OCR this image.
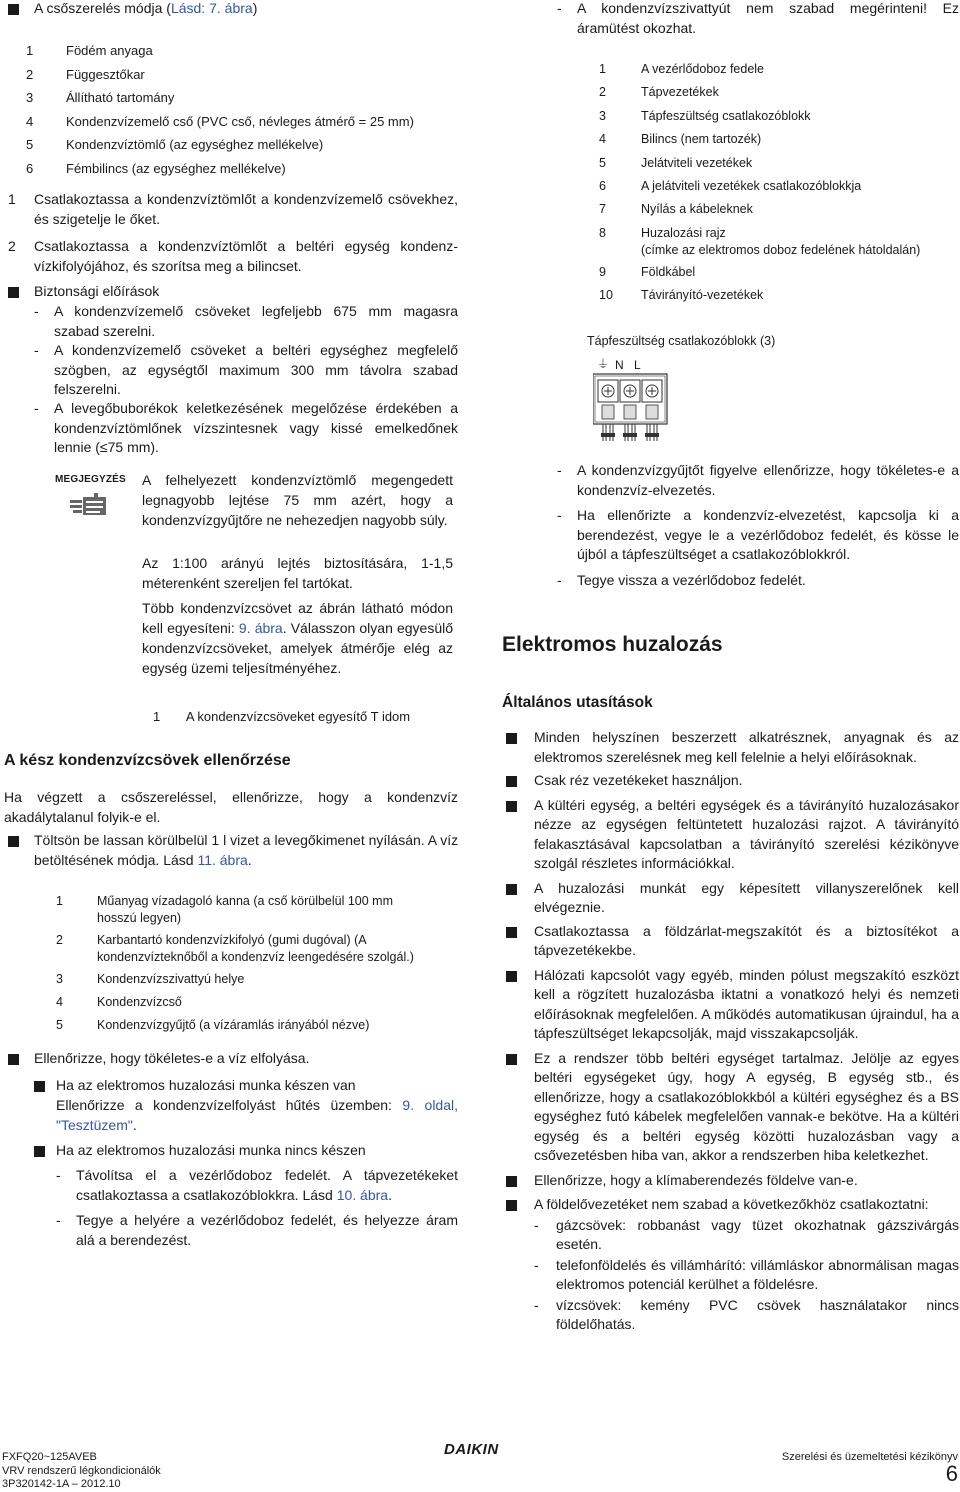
A csőszerelés módja (Lásd: 7. ábra)
1	Födém anyaga
2	Függesztőkar
3	Állítható tartomány
4	Kondenzvízemelő cső (PVC cső, névleges átmérő = 25 mm)
5	Kondenzvíztömlő (az egységhez mellékelve)
6	Fémbilincs (az egységhez mellékelve)
1 Csatlakoztassa a kondenzvíztömlőt a kondenzvízemelő csövekhez, és szigetelje le őket.
2 Csatlakoztassa a kondenzvíztömlőt a beltéri egység kondenz-vízkifolyójához, és szorítsa meg a bilincset.
Biztonsági előírások
- A kondenzvízemelő csöveket legfeljebb 675 mm magasra szabad szerelni.
- A kondenzvízemelő csöveket a beltéri egységhez megfelelő szögben, az egységtől maximum 300 mm távolra szabad felszerelni.
- A levegőbuborékok keletkezésének megelőzése érdekében a kondenzvíztömlőnek vízszintesnek vagy kissé emelkedőnek lennie (≤75 mm).
MEGJEGYZÉS A felhelyezett kondenzvíztömlő megengedett legnagyobb lejtése 75 mm azért, hogy a kondenzvízgyűjtőre ne nehezedjen nagyobb súly.
Az 1:100 arányú lejtés biztosítására, 1-1,5 méterenként szereljen fel tartókat.
Több kondenzvízcsövet az ábrán látható módon kell egyesíteni: 9. ábra. Válasszon olyan egyesülő kondenzvízcsöveket, amelyek átmérője elég az egység üzemi teljesítményéhez.
1 A kondenzvízcsöveket egyesítő T idom
A kész kondenzvízcsövek ellenőrzése
Ha végzett a csőszereléssel, ellenőrizze, hogy a kondenzvíz akadálytalanul folyik-e el.
Töltsön be lassan körülbelül 1 l vizet a levegőkimenet nyílásán. A víz betöltésének módja. Lásd 11. ábra.
1	Műanyag vízadagoló kanna (a cső körülbelül 100 mm hosszú legyen)
2	Karbantartó kondenzvízkifolyó (gumi dugóval) (A kondenzvízteknőből a kondenzvíz leengedésére szolgál.)
3	Kondenzvízszivattyú helye
4	Kondenzvízcső
5	Kondenzvízgyűjtő (a vízáramlás irányából nézve)
Ellenőrizze, hogy tökéletes-e a víz elfolyása.
Ha az elektromos huzalozási munka készen van
Ellenőrizze a kondenzvízelfolyást hűtés üzemben: 9. oldal, "Tesztüzem".
Ha az elektromos huzalozási munka nincs készen
- Távolítsa el a vezérlődoboz fedelét. A tápvezetékeket csatlakoztassa a csatlakozóblokkra. Lásd 10. ábra.
- Tegye a helyére a vezérlődoboz fedelét, és helyezze áram alá a berendezést.
- A kondenzvízszivattyút nem szabad megérinteni! Ez áramütést okozhat.
1	A vezérlődoboz fedele
2	Tápvezetékek
3	Tápfeszültség csatlakozóblokk
4	Bilincs (nem tartozék)
5	Jelátviteli vezetékek
6	A jelátviteli vezetékek csatlakozóblokkja
7	Nyílás a kábeleknek
8	Huzalozási rajz
(címke az elektromos doboz fedelének hátoldalán)
9	Földkábel
10 Távirányító-vezetékek
Tápfeszültség csatlakozóblokk (3)
⏚ N L
- A kondenzvízgyűjtőt figyelve ellenőrizze, hogy tökéletes-e a kondenzvíz-elvezetés.
- Ha ellenőrizte a kondenzvíz-elvezetést, kapcsolja ki a berendezést, vegye le a vezérlődoboz fedelét, és kösse le újból a tápfeszültséget a csatlakozóblokkról.
- Tegye vissza a vezérlődoboz fedelét.
Elektromos huzalozás
Általános utasítások
Minden helyszínen beszerzett alkatrésznek, anyagnak és az elektromos szerelésnek meg kell felelnie a helyi előírásoknak.
Csak réz vezetékeket használjon.
A kültéri egység, a beltéri egységek és a távirányító huzalozásakor nézze az egységen feltüntetett huzalozási rajzot. A távirányító felakasztásával kapcsolatban a távirányító szerelési kézikönyve szolgál részletes információkkal.
A huzalozási munkát egy képesített villanyszerelőnek kell elvégeznie.
Csatlakoztassa a földzárlat-megszakítót és a biztosítékot a tápvezetékekbe.
Hálózati kapcsolót vagy egyéb, minden pólust megszakító eszközt kell a rögzített huzalozásba iktatni a vonatkozó helyi és nemzeti előírásoknak megfelelően. A működés automatikusan újraindul, ha a tápfeszültséget lekapcsolják, majd visszakapcsolják.
Ez a rendszer több beltéri egységet tartalmaz. Jelölje az egyes beltéri egységeket úgy, hogy A egység, B egység stb., és ellenőrizze, hogy a csatlakozóblokkból a kültéri egységhez és a BS egységhez futó kábelek megfelelően vannak-e bekötve. Ha a kültéri egység és a beltéri egység közötti huzalozásban vagy a csővezetésben hiba van, akkor a rendszerben hiba keletkezhet.
Ellenőrizze, hogy a klímaberendezés földelve van-e.
A földelővezetéket nem szabad a következőkhöz csatlakoztatni:
- gázcsövek: robbanást vagy tüzet okozhatnak gázszivárgás esetén.
- telefonföldelés és villámhárító: villámláskor abnormálisan magas elektromos potenciál kerülhet a földelésre.
- vízcsövek: kemény PVC csövek használatakor nincs földelőhatás.
FXFQ20~125AVEB
VRV rendszerű légkondicionálók
3P320142-1A – 2012.10
DAIKIN	Szerelési és üzemeltetési kézikönyv
6
